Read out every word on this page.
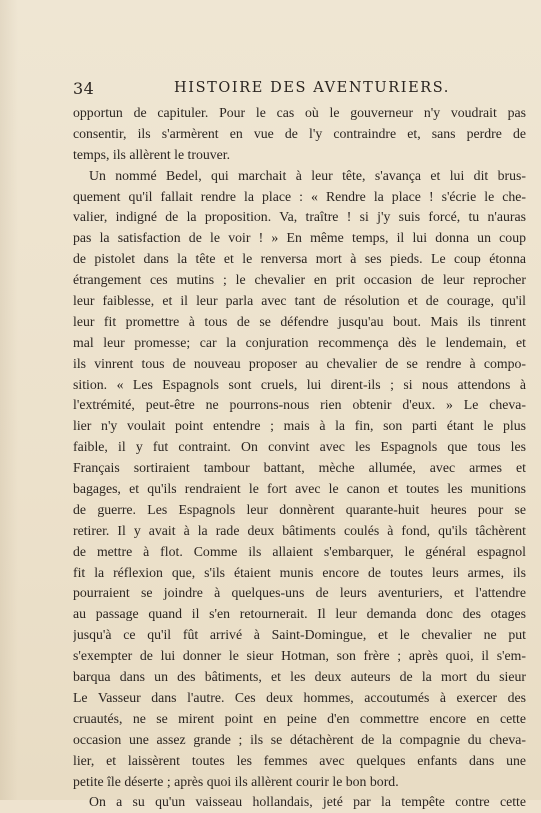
34	HISTOIRE DES AVENTURIERS.
opportun de capituler. Pour le cas où le gouverneur n'y voudrait pas
consentir, ils s'armèrent en vue de l'y contraindre et, sans perdre de
temps, ils allèrent le trouver.
Un nommé Bedel, qui marchait à leur tête, s'avança et lui dit brus-
quement qu'il fallait rendre la place : « Rendre la place ! s'écrie le che-
valier, indigné de la proposition. Va, traître ! si j'y suis forcé, tu n'auras
pas la satisfaction de le voir ! » En même temps, il lui donna un coup
de pistolet dans la tête et le renversa mort à ses pieds. Le coup étonna
étrangement ces mutins ; le chevalier en prit occasion de leur reprocher
leur faiblesse, et il leur parla avec tant de résolution et de courage, qu'il
leur fit promettre à tous de se défendre jusqu'au bout. Mais ils tinrent
mal leur promesse; car la conjuration recommença dès le lendemain, et
ils vinrent tous de nouveau proposer au chevalier de se rendre à compo-
sition. « Les Espagnols sont cruels, lui dirent-ils ; si nous attendons à
l'extrémité, peut-être ne pourrons-nous rien obtenir d'eux. » Le cheva-
lier n'y voulait point entendre ; mais à la fin, son parti étant le plus
faible, il y fut contraint. On convint avec les Espagnols que tous les
Français sortiraient tambour battant, mèche allumée, avec armes et
bagages, et qu'ils rendraient le fort avec le canon et toutes les munitions
de guerre. Les Espagnols leur donnèrent quarante-huit heures pour se
retirer. Il y avait à la rade deux bâtiments coulés à fond, qu'ils tâchèrent
de mettre à flot. Comme ils allaient s'embarquer, le général espagnol
fit la réflexion que, s'ils étaient munis encore de toutes leurs armes, ils
pourraient se joindre à quelques-uns de leurs aventuriers, et l'attendre
au passage quand il s'en retournerait. Il leur demanda donc des otages
jusqu'à ce qu'il fût arrivé à Saint-Domingue, et le chevalier ne put
s'exempter de lui donner le sieur Hotman, son frère ; après quoi, il s'em-
barqua dans un des bâtiments, et les deux auteurs de la mort du sieur
Le Vasseur dans l'autre. Ces deux hommes, accoutumés à exercer des
cruautés, ne se mirent point en peine d'en commettre encore en cette
occasion une assez grande ; ils se détachèrent de la compagnie du cheva-
lier, et laissèrent toutes les femmes avec quelques enfants dans une
petite île déserte ; après quoi ils allèrent courir le bon bord.
On a su qu'un vaisseau hollandais, jeté par la tempête contre cette
